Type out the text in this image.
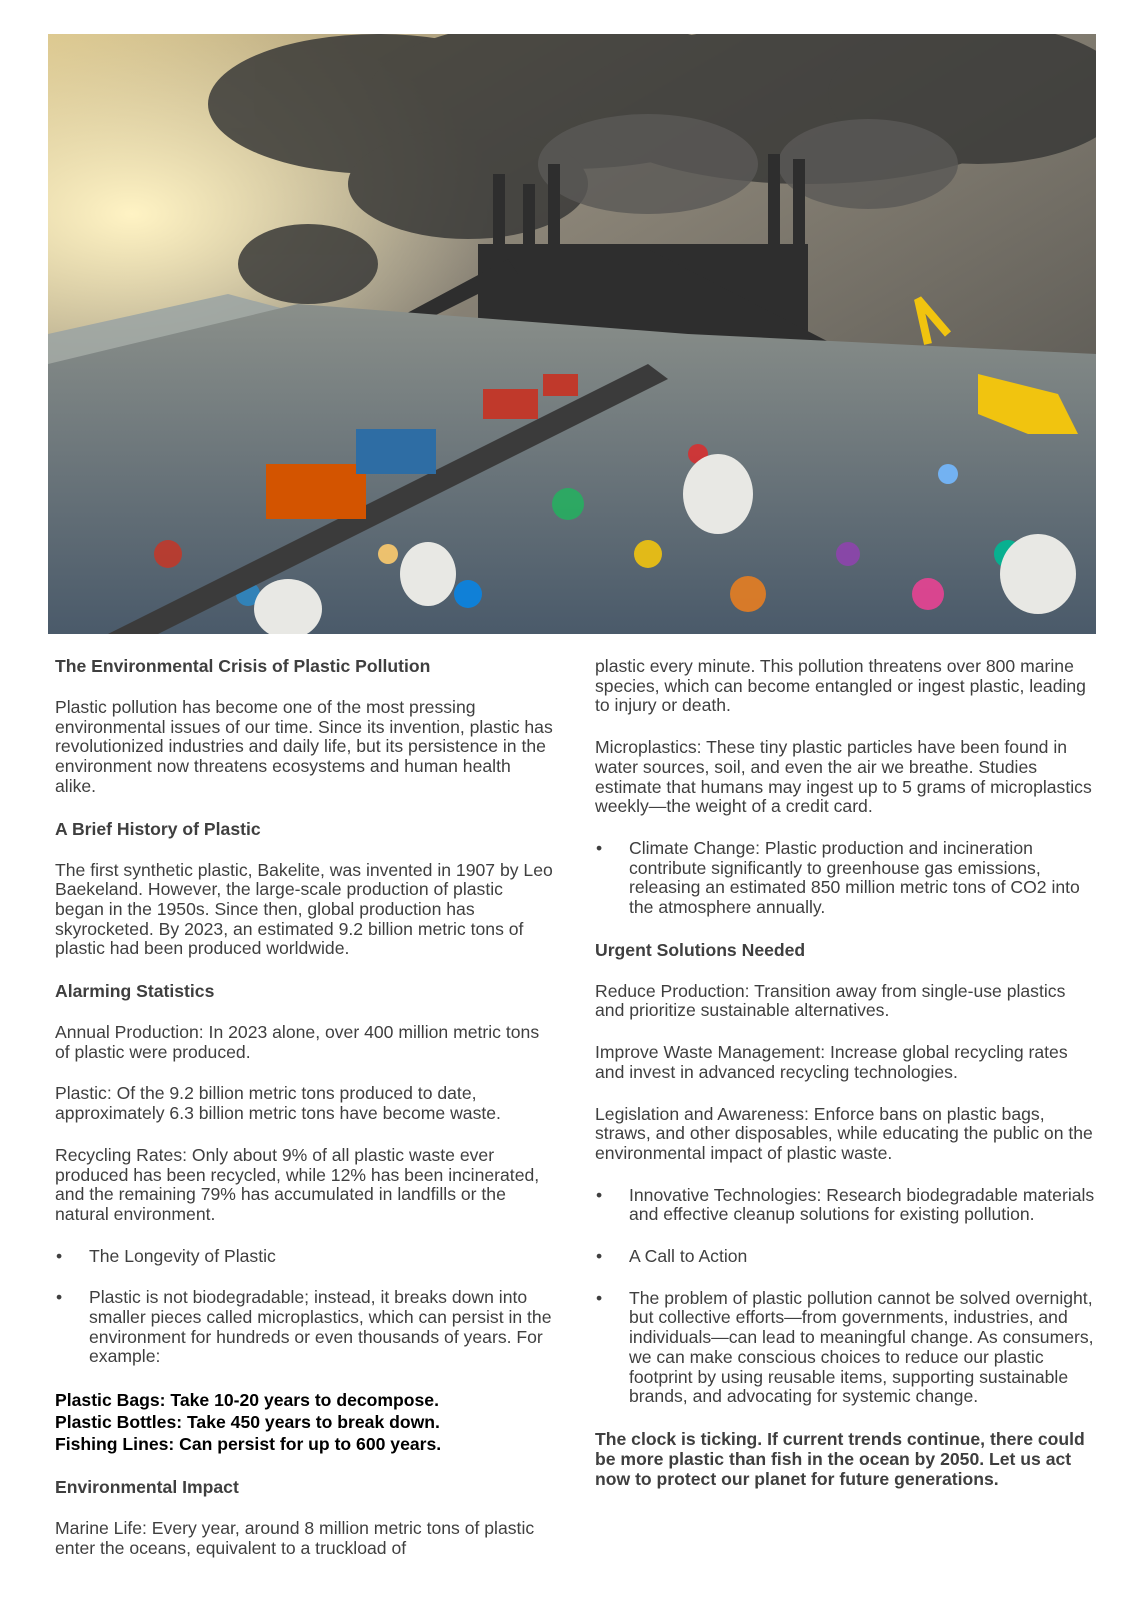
The Environmental Crisis of Plastic Pollution

Plastic pollution has become one of the most pressing environmental issues of our time. Since its invention, plastic has revolutionized industries and daily life, but its persistence in the environment now threatens ecosystems and human health alike.

A Brief History of Plastic

The first synthetic plastic, Bakelite, was invented in 1907 by Leo Baekeland. However, the large-scale production of plastic began in the 1950s. Since then, global production has skyrocketed. By 2023, an estimated 9.2 billion metric tons of plastic had been produced worldwide.

Alarming Statistics

Annual Production: In 2023 alone, over 400 million metric tons of plastic were produced.

Plastic: Of the 9.2 billion metric tons produced to date, approximately 6.3 billion metric tons have become waste.

Recycling Rates: Only about 9% of all plastic waste ever produced has been recycled, while 12% has been incinerated, and the remaining 79% has accumulated in landfills or the natural environment.

• The Longevity of Plastic
• Plastic is not biodegradable; instead, it breaks down into smaller pieces called microplastics, which can persist in the environment for hundreds or even thousands of years. For example:

Plastic Bags: Take 10-20 years to decompose.

Plastic Bottles: Take 450 years to break down.

Fishing Lines: Can persist for up to 600 years.

Environmental Impact

Marine Life: Every year, around 8 million metric tons of plastic enter the oceans, equivalent to a truckload of

plastic every minute. This pollution threatens over 800 marine species, which can become entangled or ingest plastic, leading to injury or death.

Microplastics: These tiny plastic particles have been found in water sources, soil, and even the air we breathe. Studies estimate that humans may ingest up to 5 grams of microplastics weekly—the weight of a credit card.

• Climate Change: Plastic production and incineration contribute significantly to greenhouse gas emissions, releasing an estimated 850 million metric tons of CO2 into the atmosphere annually.
Urgent Solutions Needed

Reduce Production: Transition away from single-use plastics and prioritize sustainable alternatives.

Improve Waste Management: Increase global recycling rates and invest in advanced recycling technologies.

Legislation and Awareness: Enforce bans on plastic bags, straws, and other disposables, while educating the public on the environmental impact of plastic waste.

• Innovative Technologies: Research biodegradable materials and effective cleanup solutions for existing pollution.
• A Call to Action
• The problem of plastic pollution cannot be solved overnight, but collective efforts—from governments, industries, and individuals—can lead to meaningful change. As consumers, we can make conscious choices to reduce our plastic footprint by using reusable items, supporting sustainable brands, and advocating for systemic change.

The clock is ticking. If current trends continue, there could be more plastic than fish in the ocean by 2050. Let us act now to protect our planet for future generations.
